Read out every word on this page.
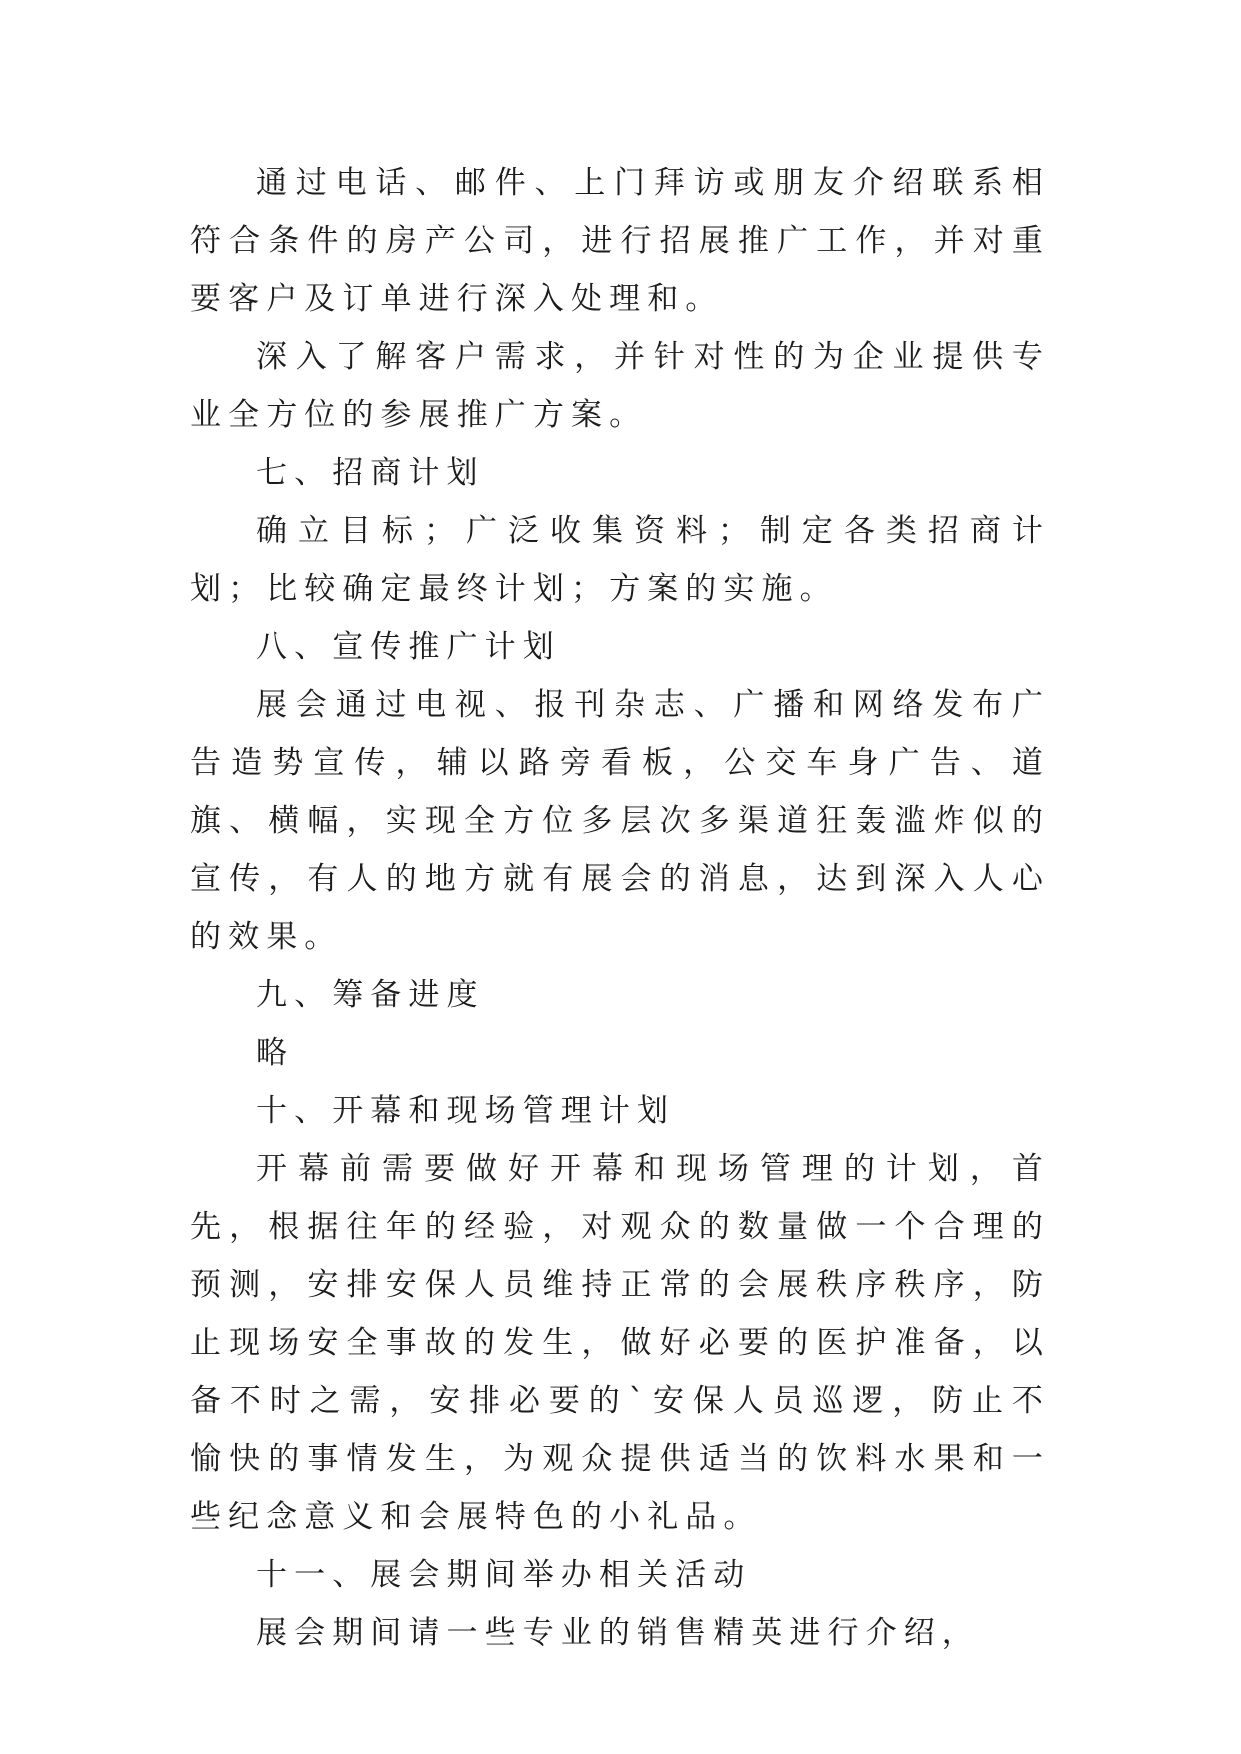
通过电话、邮件、上门拜访或朋友介绍联系相符合条件的房产公司，进行招展推广工作，并对重要客户及订单进行深入处理和。

深入了解客户需求，并针对性的为企业提供专业全方位的参展推广方案。

七、招商计划

确立目标；广泛收集资料；制定各类招商计划；比较确定最终计划；方案的实施。

八、宣传推广计划

展会通过电视、报刊杂志、广播和网络发布广告造势宣传，辅以路旁看板，公交车身广告、道旗、横幅，实现全方位多层次多渠道狂轰滥炸似的宣传，有人的地方就有展会的消息，达到深入人心的效果。

九、筹备进度

略

十、开幕和现场管理计划

开幕前需要做好开幕和现场管理的计划，首先，根据往年的经验，对观众的数量做一个合理的预测，安排安保人员维持正常的会展秩序秩序，防止现场安全事故的发生，做好必要的医护准备，以备不时之需，安排必要的`安保人员巡逻，防止不愉快的事情发生，为观众提供适当的饮料水果和一些纪念意义和会展特色的小礼品。

十一、展会期间举办相关活动

展会期间请一些专业的销售精英进行介绍，
